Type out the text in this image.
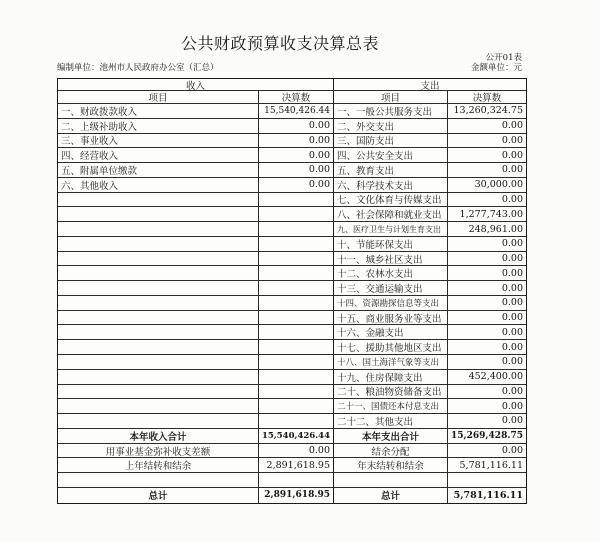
公共财政预算收支决算总表
公开01表
编制单位：池州市人民政府办公室（汇总）	金额单位：元
收入	支出
项目	决算数	项目	决算数
一、财政拨款收入	15,540,426.44 一、一般公共服务支出 13,260,324.75
二、上级补助收入	0.00 二、外交支出	0.00
三、事业收入	0.00 三、国防支出	0.00
四、经营收入	0.00 四、公共安全支出	0.00
五、附属单位缴款	0.00 五、教育支出	0.00
六、其他收入	0.00 六、科学技术支出	30,000.00
七、文化体育与传媒支出	0.00
八、社会保障和就业支出 1,277,743.00
九、医疗卫生与计划生育支出	248,961.00
十、节能环保支出	0.00
十一、城乡社区支出	0.00
十二、农林水支出	0.00
十三、交通运输支出	0.00
十四、资源勘探信息等支出	0.00
十五、商业服务业等支出	0.00
十六、金融支出	0.00
十七、援助其他地区支出	0.00
十八、国土海洋气象等支出	0.00
十九、住房保障支出	452,400.00
二十、粮油物资储备支出	0.00
二十一、国债还本付息支出	0.00
二十二、其他支出	0.00
本年收入合计	15,540,426.44	本年支出合计	15,269,428.75
用事业基金弥补收支差额	0.00	结余分配	0.00
上年结转和结余	2,891,618.95	年末结转和结余	5,781,116.11
总计	2,891,618.95	总计	5,781,116.11
